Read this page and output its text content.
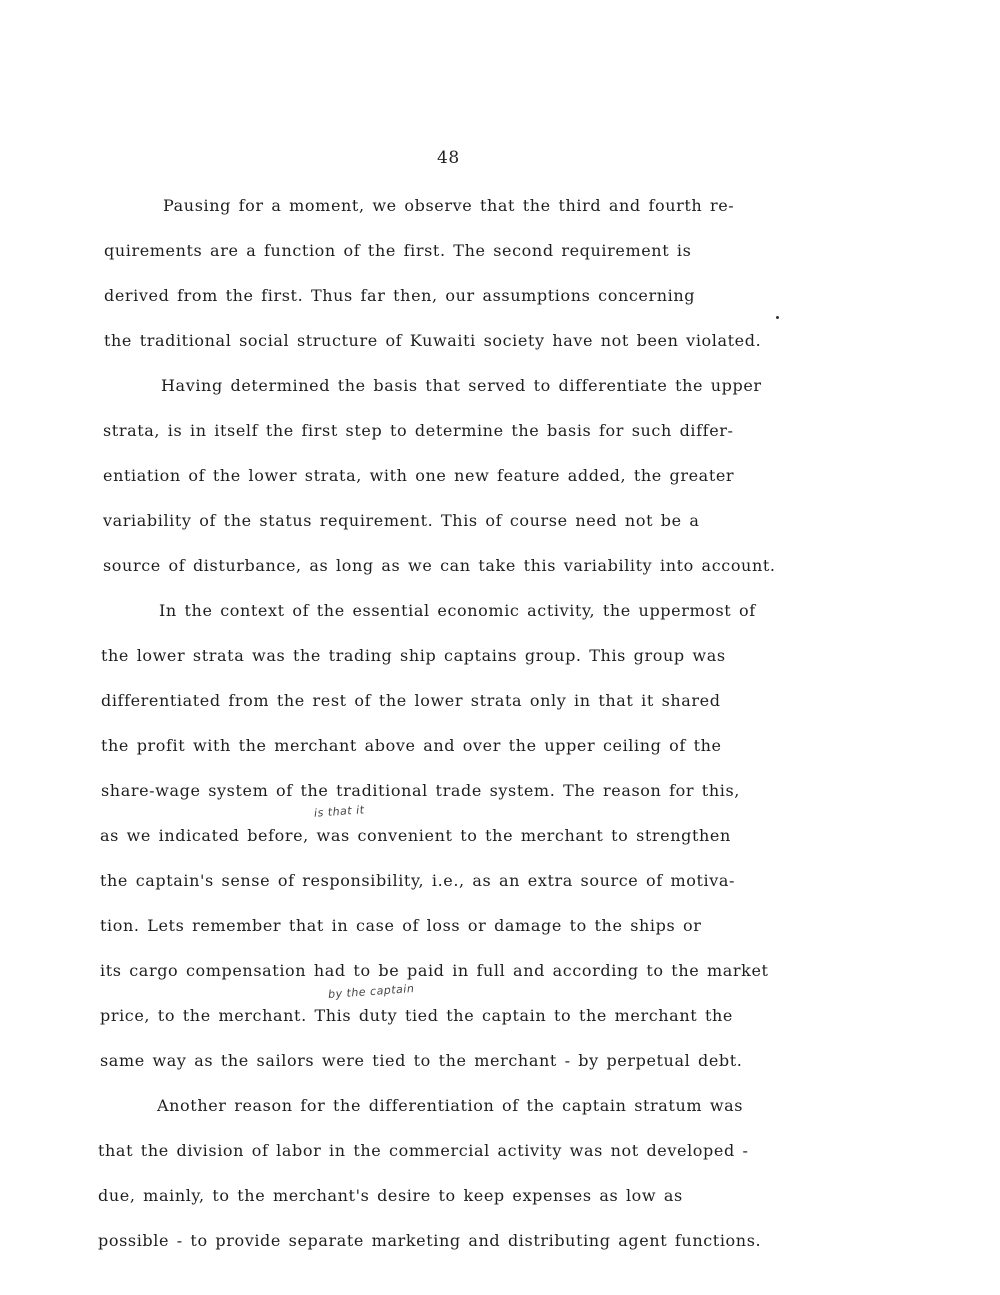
48
Pausing for a moment, we observe that the third and fourth re-
quirements are a function of the first. The second requirement is
derived from the first. Thus far then, our assumptions concerning
the traditional social structure of Kuwaiti society have not been violated.
Having determined the basis that served to differentiate the upper
strata, is in itself the first step to determine the basis for such differ-
entiation of the lower strata, with one new feature added, the greater
variability of the status requirement. This of course need not be a
source of disturbance, as long as we can take this variability into account.
In the context of the essential economic activity, the uppermost of
the lower strata was the trading ship captains group. This group was
differentiated from the rest of the lower strata only in that it shared
the profit with the merchant above and over the upper ceiling of the
share-wage system of the traditional trade system. The reason for this,
is that it
as we indicated before, was convenient to the merchant to strengthen
the captain's sense of responsibility, i.e., as an extra source of motiva-
tion. Lets remember that in case of loss or damage to the ships or
its cargo compensation had to be paid in full and according to the market
by the captain
price, to the merchant. This duty tied the captain to the merchant the
same way as the sailors were tied to the merchant - by perpetual debt.
Another reason for the differentiation of the captain stratum was
that the division of labor in the commercial activity was not developed -
due, mainly, to the merchant's desire to keep expenses as low as
possible - to provide separate marketing and distributing agent functions.
